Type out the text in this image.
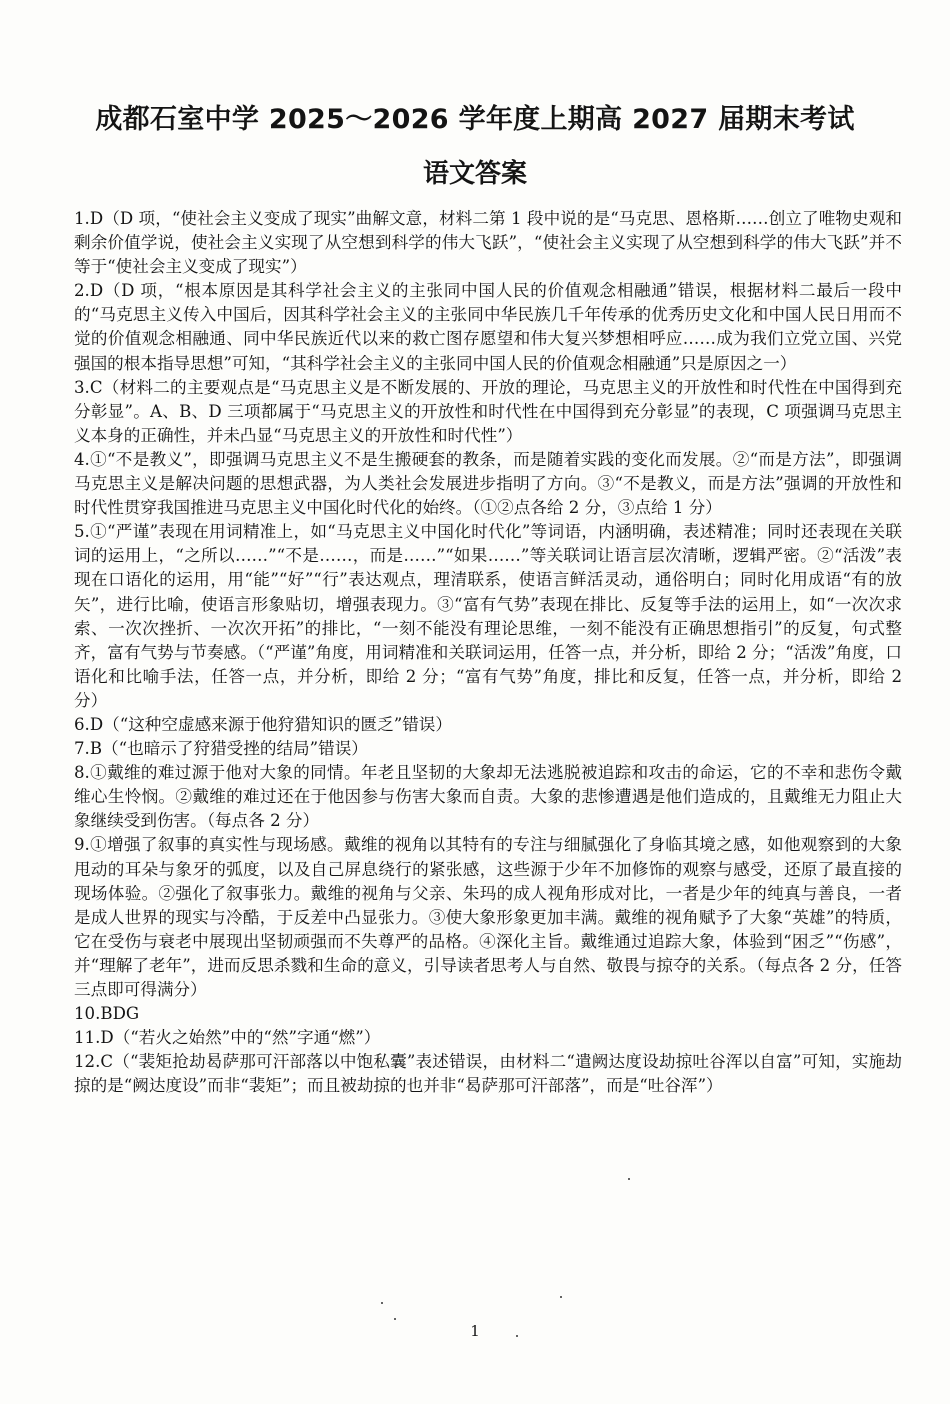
成都石室中学 2025～2026 学年度上期高 2027 届期末考试
语文答案

1.D（D 项，“使社会主义变成了现实”曲解文意，材料二第 1 段中说的是“马克思、恩格斯……创立了唯物史观和剩余价值学说，使社会主义实现了从空想到科学的伟大飞跃”，“使社会主义实现了从空想到科学的伟大飞跃”并不等于“使社会主义变成了现实”）

2.D（D 项，“根本原因是其科学社会主义的主张同中国人民的价值观念相融通”错误，根据材料二最后一段中的“马克思主义传入中国后，因其科学社会主义的主张同中华民族几千年传承的优秀历史文化和中国人民日用而不觉的价值观念相融通、同中华民族近代以来的救亡图存愿望和伟大复兴梦想相呼应……成为我们立党立国、兴党强国的根本指导思想”可知，“其科学社会主义的主张同中国人民的价值观念相融通”只是原因之一）

3.C（材料二的主要观点是“马克思主义是不断发展的、开放的理论，马克思主义的开放性和时代性在中国得到充分彰显”。A、B、D 三项都属于“马克思主义的开放性和时代性在中国得到充分彰显”的表现，C 项强调马克思主义本身的正确性，并未凸显“马克思主义的开放性和时代性”）

4.①“不是教义”，即强调马克思主义不是生搬硬套的教条，而是随着实践的变化而发展。②“而是方法”，即强调马克思主义是解决问题的思想武器，为人类社会发展进步指明了方向。③“不是教义，而是方法”强调的开放性和时代性贯穿我国推进马克思主义中国化时代化的始终。（①②点各给 2 分，③点给 1 分）

5.①“严谨”表现在用词精准上，如“马克思主义中国化时代化”等词语，内涵明确，表述精准；同时还表现在关联词的运用上，“之所以……”“不是……，而是……”“如果……”等关联词让语言层次清晰，逻辑严密。②“活泼”表现在口语化的运用，用“能”“好”“行”表达观点，理清联系，使语言鲜活灵动，通俗明白；同时化用成语“有的放矢”，进行比喻，使语言形象贴切，增强表现力。③“富有气势”表现在排比、反复等手法的运用上，如“一次次求索、一次次挫折、一次次开拓”的排比，“一刻不能没有理论思维，一刻不能没有正确思想指引”的反复，句式整齐，富有气势与节奏感。（“严谨”角度，用词精准和关联词运用，任答一点，并分析，即给 2 分；“活泼”角度，口语化和比喻手法，任答一点，并分析，即给 2 分；“富有气势”角度，排比和反复，任答一点，并分析，即给 2 分）

6.D（“这种空虚感来源于他狩猎知识的匮乏”错误）

7.B（“也暗示了狩猎受挫的结局”错误）

8.①戴维的难过源于他对大象的同情。年老且坚韧的大象却无法逃脱被追踪和攻击的命运，它的不幸和悲伤令戴维心生怜悯。②戴维的难过还在于他因参与伤害大象而自责。大象的悲惨遭遇是他们造成的，且戴维无力阻止大象继续受到伤害。（每点各 2 分）

9.①增强了叙事的真实性与现场感。戴维的视角以其特有的专注与细腻强化了身临其境之感，如他观察到的大象甩动的耳朵与象牙的弧度，以及自己屏息绕行的紧张感，这些源于少年不加修饰的观察与感受，还原了最直接的现场体验。②强化了叙事张力。戴维的视角与父亲、朱玛的成人视角形成对比，一者是少年的纯真与善良，一者是成人世界的现实与冷酷，于反差中凸显张力。③使大象形象更加丰满。戴维的视角赋予了大象“英雄”的特质，它在受伤与衰老中展现出坚韧顽强而不失尊严的品格。④深化主旨。戴维通过追踪大象，体验到“困乏”“伤感”，并“理解了老年”，进而反思杀戮和生命的意义，引导读者思考人与自然、敬畏与掠夺的关系。（每点各 2 分，任答三点即可得满分）

10.BDG

11.D（“若火之始然”中的“然”字通“燃”）

12.C（“裴矩抢劫曷萨那可汗部落以中饱私囊”表述错误，由材料二“遣阙达度设劫掠吐谷浑以自富”可知，实施劫掠的是“阙达度设”而非“裴矩”；而且被劫掠的也并非“曷萨那可汗部落”，而是“吐谷浑”）

1
